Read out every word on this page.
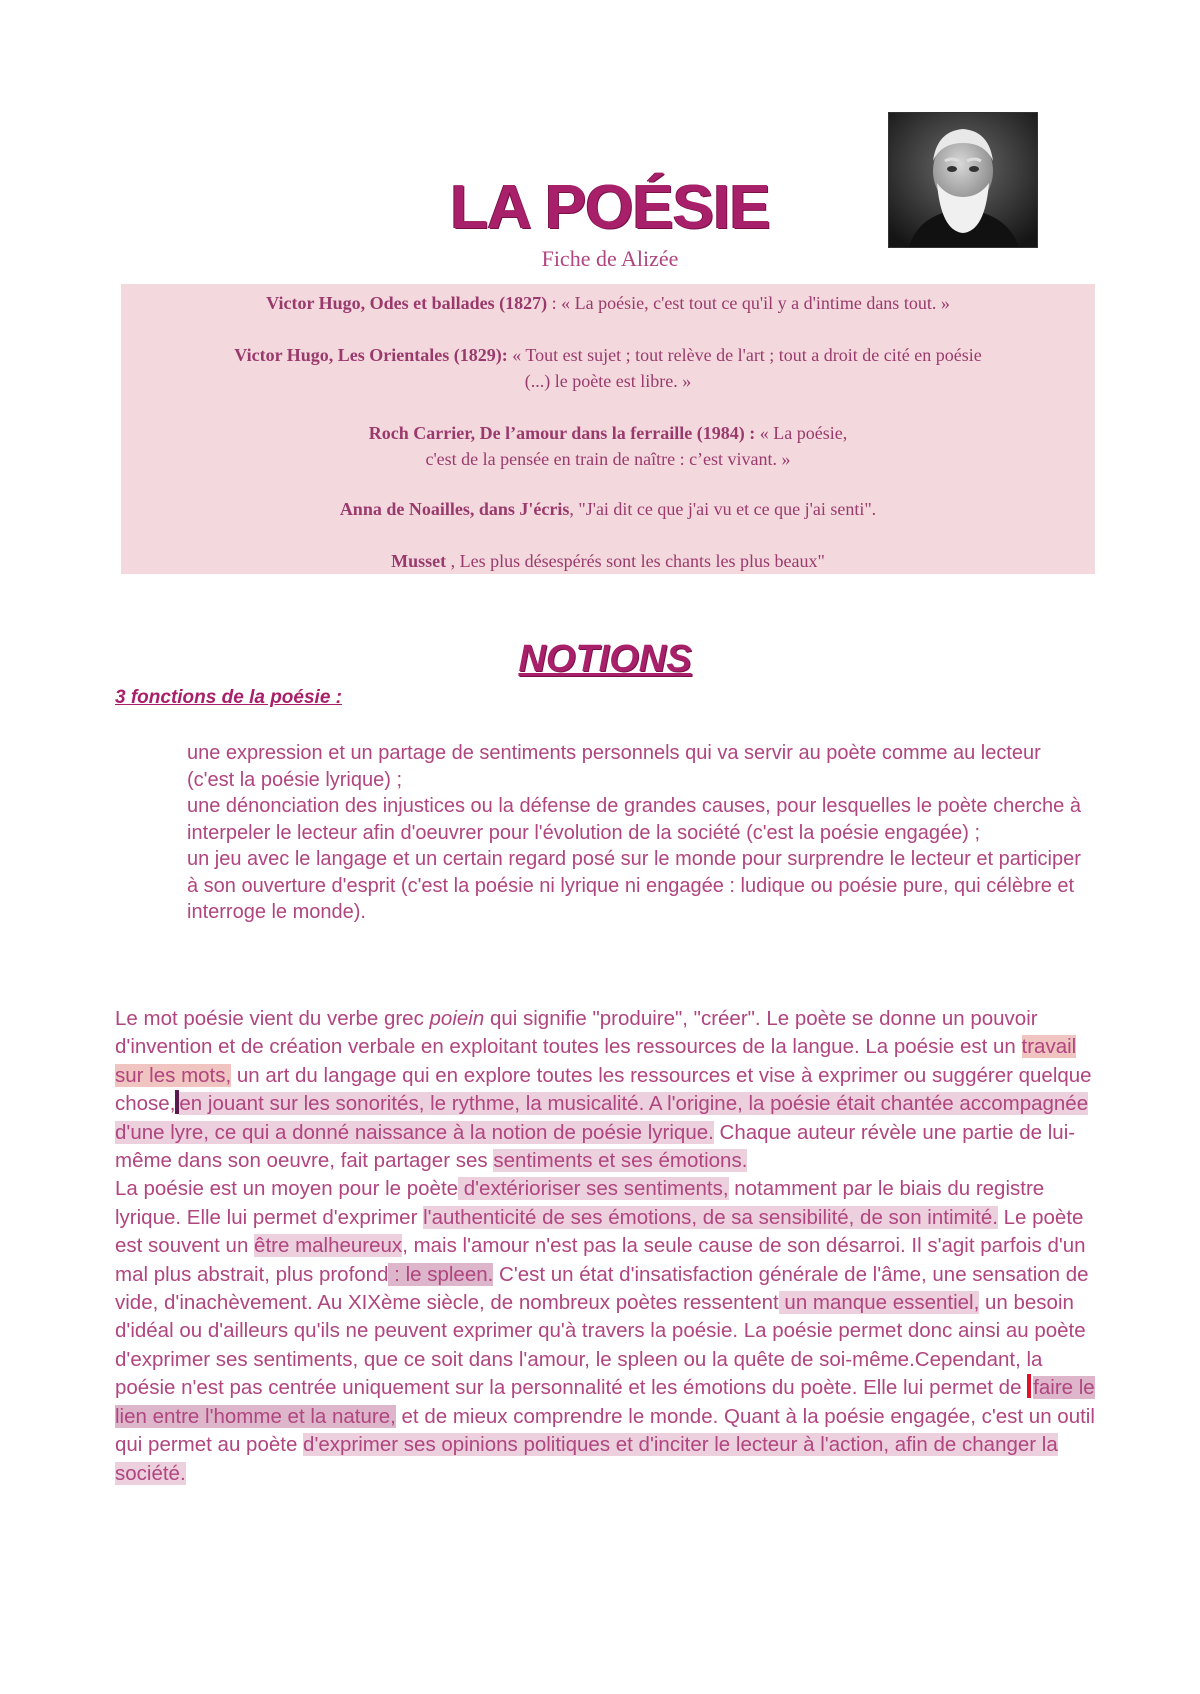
LA POÉSIE
Fiche de Alizée
Victor Hugo, Odes et ballades (1827) : « La poésie, c'est tout ce qu'il y a d'intime dans tout. »
Victor Hugo, Les Orientales (1829): « Tout est sujet ; tout relève de l'art ; tout a droit de cité en poésie
(...) le poète est libre. »
Roch Carrier, De l’amour dans la ferraille (1984) : « La poésie,
c'est de la pensée en train de naître : c’est vivant. »
Anna de Noailles, dans J'écris, "J'ai dit ce que j'ai vu et ce que j'ai senti".
Musset , Les plus désespérés sont les chants les plus beaux"
NOTIONS
3 fonctions de la poésie :
une expression et un partage de sentiments personnels qui va servir au poète comme au lecteur (c'est la poésie lyrique) ;
une dénonciation des injustices ou la défense de grandes causes, pour lesquelles le poète cherche à interpeler le lecteur afin d'oeuvrer pour l'évolution de la société (c'est la poésie engagée) ;
un jeu avec le langage et un certain regard posé sur le monde pour surprendre le lecteur et participer à son ouverture d'esprit (c'est la poésie ni lyrique ni engagée : ludique ou poésie pure, qui célèbre et interroge le monde).
Le mot poésie vient du verbe grec poiein qui signifie "produire", "créer". Le poète se donne un pouvoir d'invention et de création verbale en exploitant toutes les ressources de la langue. La poésie est un travail sur les mots, un art du langage qui en explore toutes les ressources et vise à exprimer ou suggérer quelque chose, en jouant sur les sonorités, le rythme, la musicalité. A l'origine, la poésie était chantée accompagnée d'une lyre, ce qui a donné naissance à la notion de poésie lyrique. Chaque auteur révèle une partie de lui-même dans son oeuvre, fait partager ses sentiments et ses émotions.
La poésie est un moyen pour le poète d'extérioriser ses sentiments, notamment par le biais du registre lyrique. Elle lui permet d'exprimer l'authenticité de ses émotions, de sa sensibilité, de son intimité. Le poète est souvent un être malheureux, mais l'amour n'est pas la seule cause de son désarroi. Il s'agit parfois d'un mal plus abstrait, plus profond : le spleen. C'est un état d'insatisfaction générale de l'âme, une sensation de vide, d'inachèvement. Au XIXème siècle, de nombreux poètes ressentent un manque essentiel, un besoin d'idéal ou d'ailleurs qu'ils ne peuvent exprimer qu'à travers la poésie. La poésie permet donc ainsi au poète d'exprimer ses sentiments, que ce soit dans l'amour, le spleen ou la quête de soi-même.Cependant, la poésie n'est pas centrée uniquement sur la personnalité et les émotions du poète. Elle lui permet de faire le lien entre l'homme et la nature, et de mieux comprendre le monde. Quant à la poésie engagée, c'est un outil qui permet au poète d'exprimer ses opinions politiques et d'inciter le lecteur à l'action, afin de changer la société.
